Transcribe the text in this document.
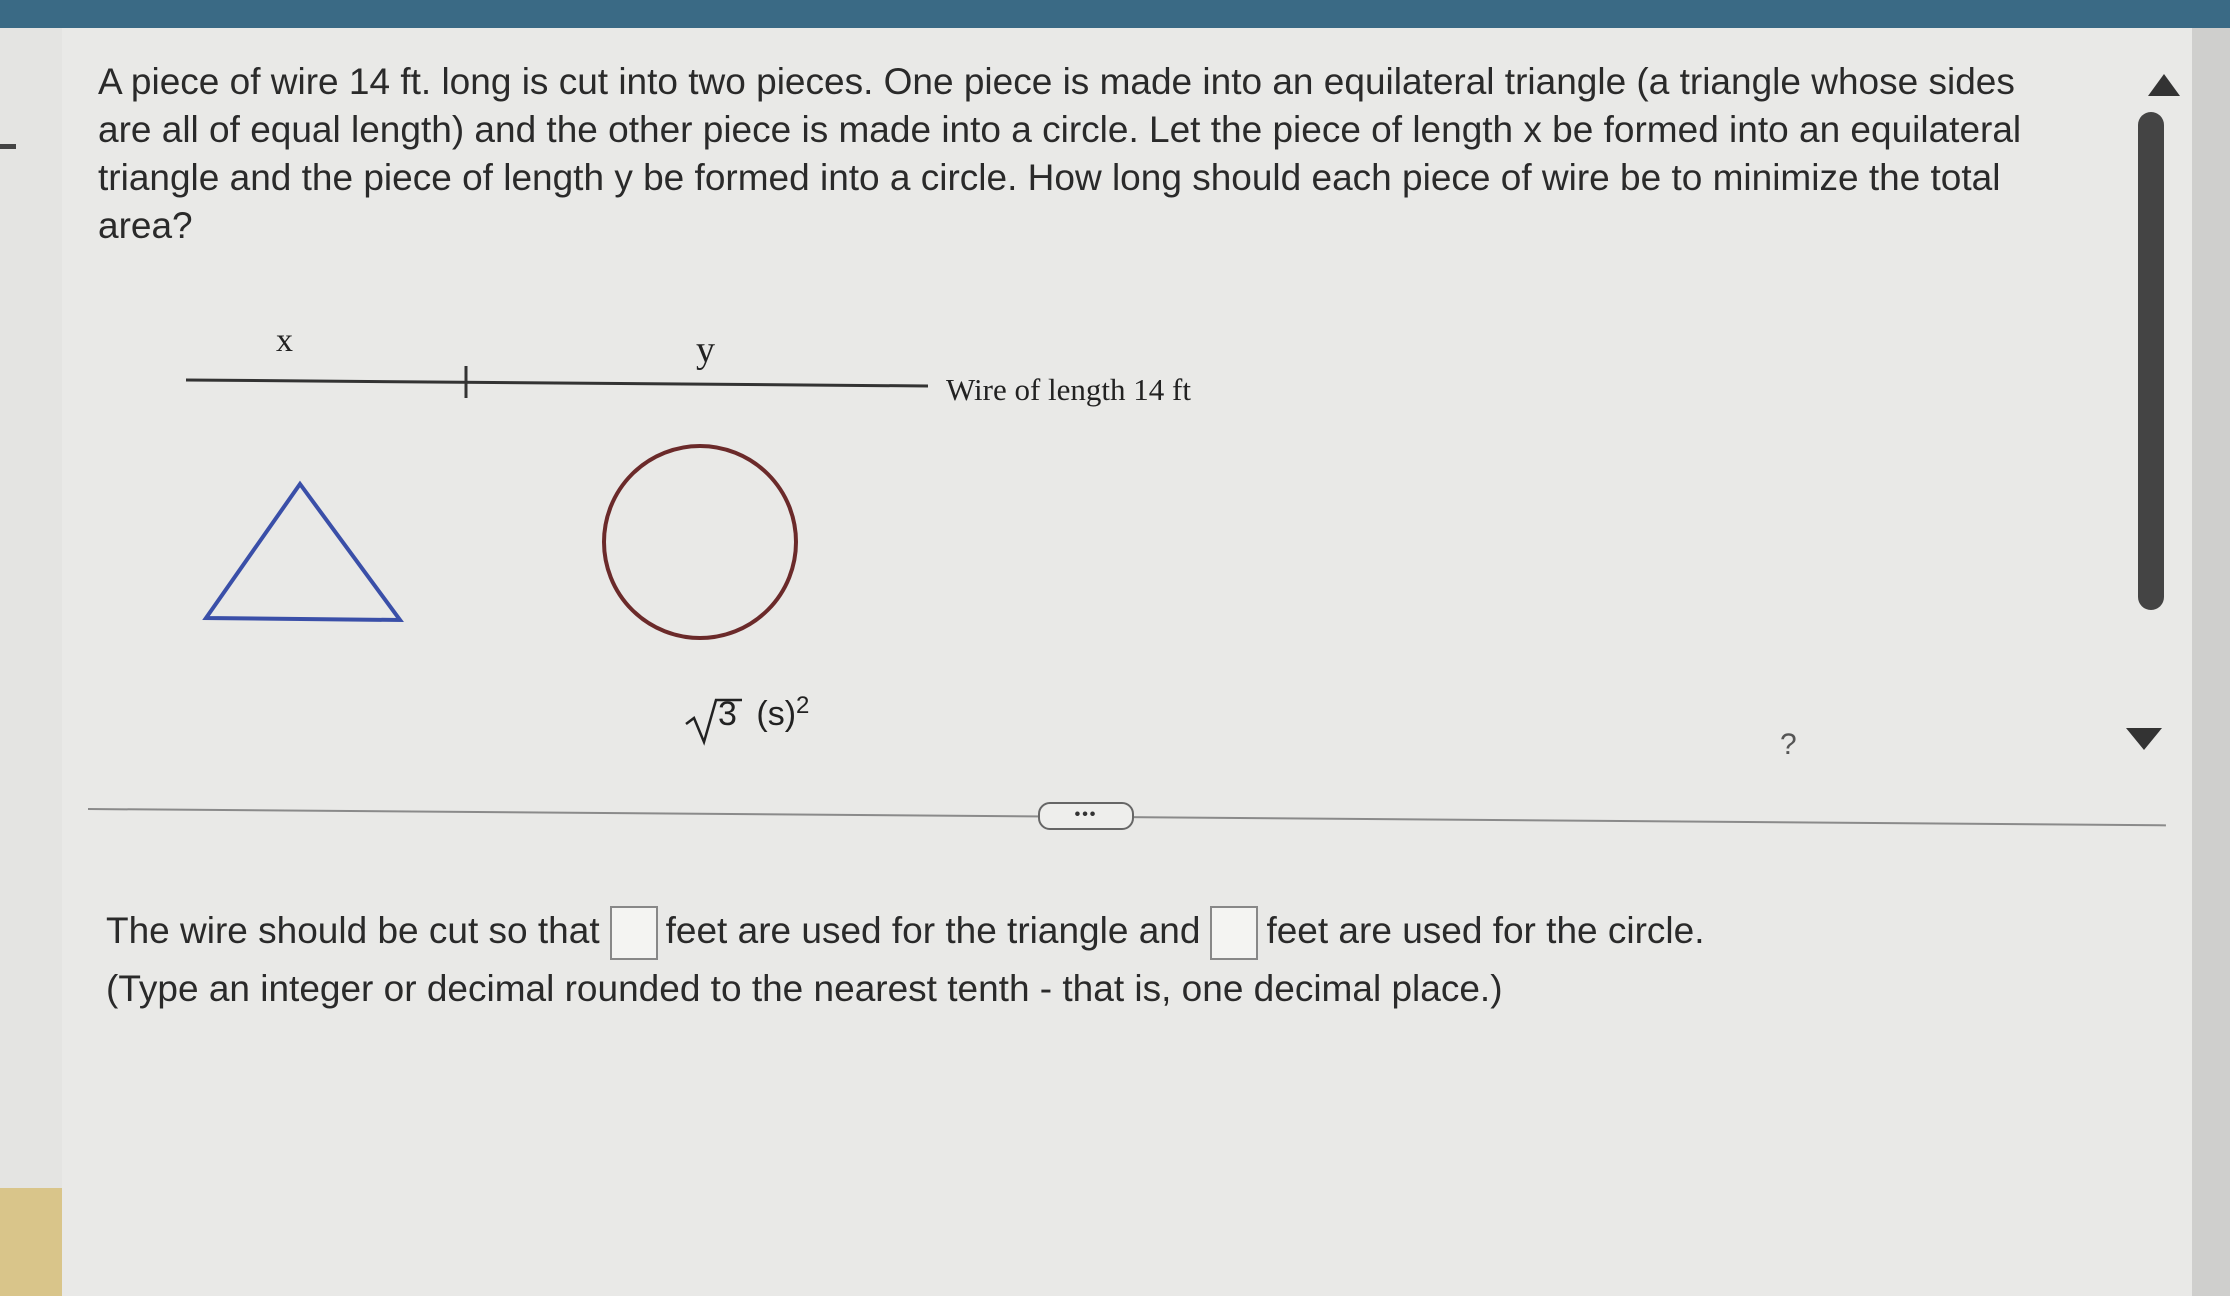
A piece of wire 14 ft. long is cut into two pieces. One piece is made into an equilateral triangle (a triangle whose sides are all of equal length) and the other piece is made into a circle. Let the piece of length x be formed into an equilateral triangle and the piece of length y be formed into a circle. How long should each piece of wire be to minimize the total area?
x	y
Wire of length 14 ft
3 $(s)^2$
?
•••
The wire should be cut so that feet are used for the triangle and feet are used for the circle.
(Type an integer or decimal rounded to the nearest tenth - that is, one decimal place.)
